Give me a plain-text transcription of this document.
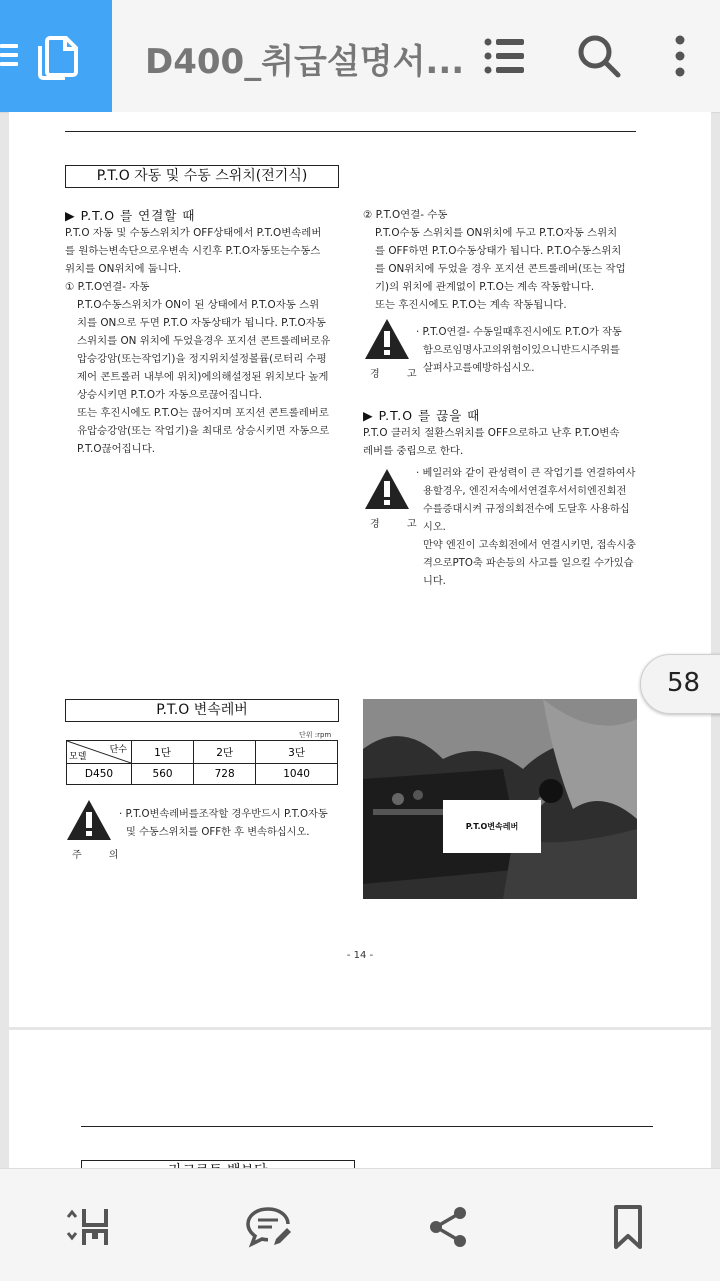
D400_취급설명서...
P.T.O 자동 및 수동 스위치(전기식)
▶ P.T.O 를 연결할 때
P.T.O 자동 및 수동스위치가 OFF상태에서 P.T.O변속레버
를 원하는변속단으로우변속 시킨후 P.T.O자동또는수동스
위치를 ON위치에 둡니다.
① P.T.O연결- 자동
P.T.O수동스위치가 ON이 된 상태에서 P.T.O자동 스위
치를 ON으로 두면 P.T.O 자동상태가 됩니다. P.T.O자동
스위치를 ON 위치에 두었을경우 포지션 콘트롤레버로유
압승강암(또는작업기)을 정지위치설정볼륨(로터리 수평
제어 콘트롤러 내부에 위치)에의해설정된 위치보다 높게
상승시키면 P.T.O가 자동으로끊어집니다.
또는 후진시에도 P.T.O는 끊어지며 포지션 콘트롤레버로
유압승강암(또는 작업기)을 최대로 상승시키면 자동으로
P.T.O끊어집니다.
② P.T.O연결- 수동
P.T.O수동 스위치를 ON위치에 두고 P.T.O자동 스위치
를 OFF하면 P.T.O수동상태가 됩니다. P.T.O수동스위치
를 ON위치에 두었을 경우 포지션 콘트롤레버(또는 작업
기)의 위치에 관계없이 P.T.O는 계속 작동합니다.
또는 후진시에도 P.T.O는 계속 작동됩니다.
경 고
· P.T.O연결- 수동일때후진시에도 P.T.O가 작동
함으로임명사고의위험이있으니반드시주위를
살펴사고를예방하십시오.
▶ P.T.O 를 끊을 때
P.T.O 클러치 절환스위치를 OFF으로하고 난후 P.T.O변속
레버를 중립으로 한다.
경 고
· 베일러와 같이 관성력이 큰 작업기를 연결하여사
용할경우, 엔진저속에서연결후서서히엔진회전
수를증대시켜 규정의회전수에 도달후 사용하십
시오.
만약 엔진이 고속회전에서 연결시키면, 접속시충
격으로PTO축 파손등의 사고를 일으킬 수가있습
니다.
P.T.O 변속레버
단위 :rpm
단수
모델	1단	2단	3단
D450	560	728	1040
주 의
· P.T.O변속레버를조작할 경우반드시 P.T.O자동
및 수동스위치를 OFF한 후 변속하십시오.
- 14 -
P.T.O변속레버
58
